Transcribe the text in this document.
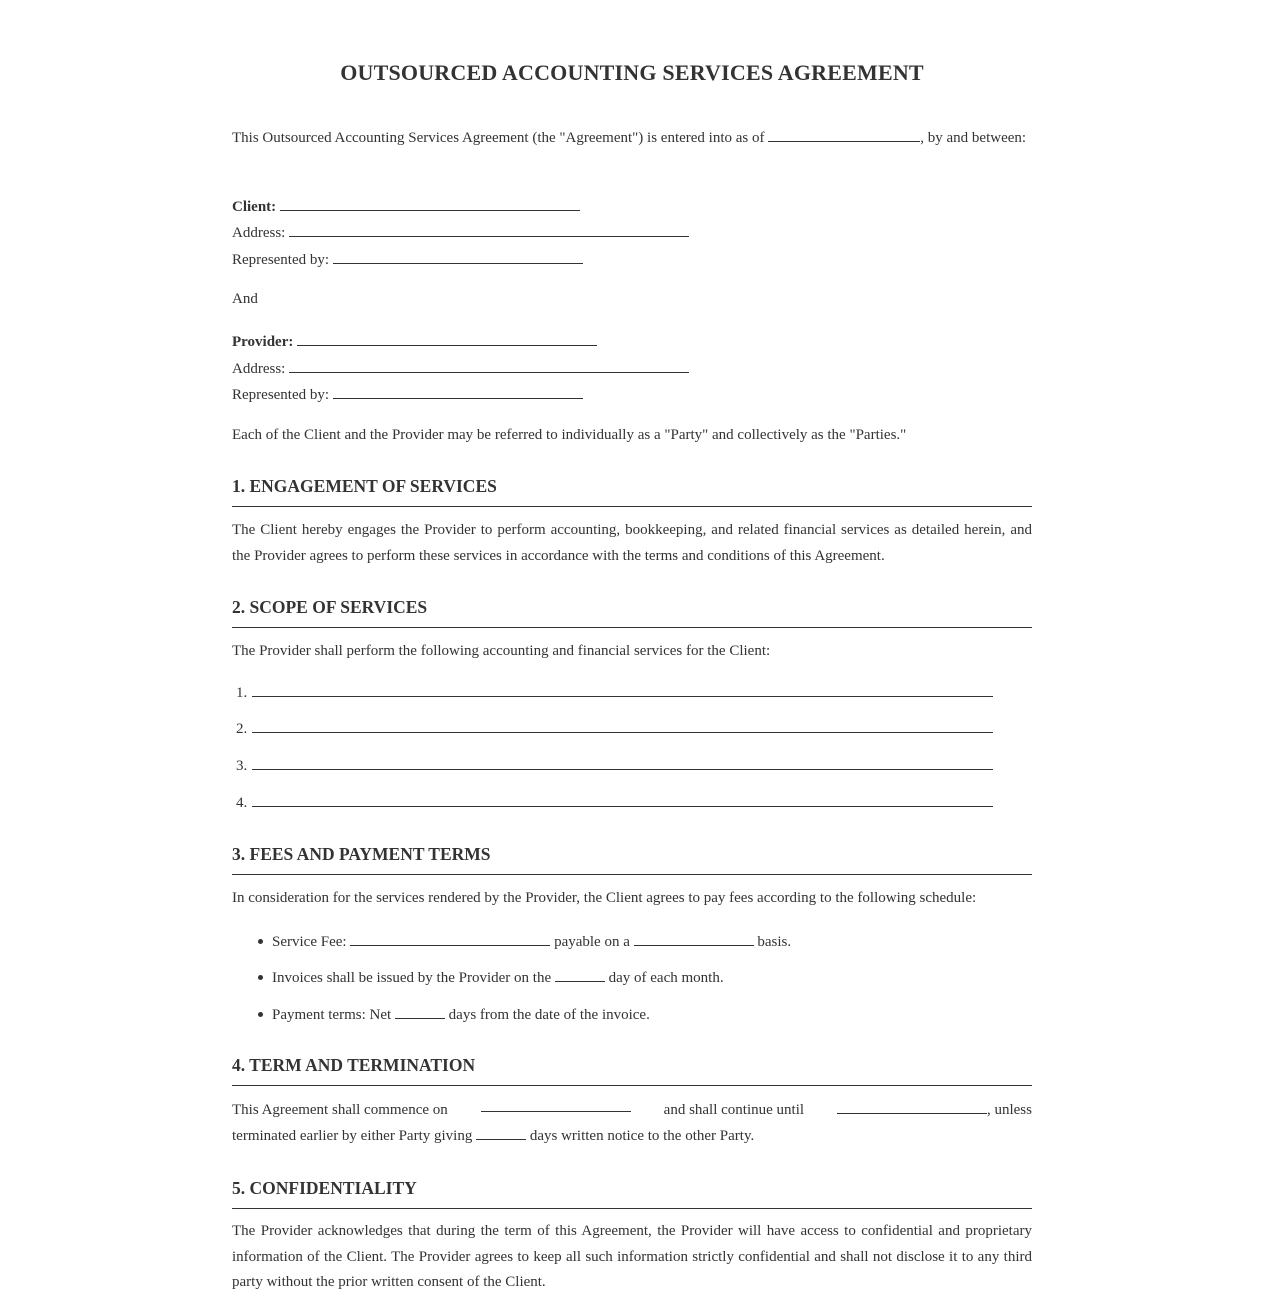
OUTSOURCED ACCOUNTING SERVICES AGREEMENT
This Outsourced Accounting Services Agreement (the "Agreement") is entered into as of	, by and between:
Client:
Address:
Represented by:
And
Provider:
Address:
Represented by:
Each of the Client and the Provider may be referred to individually as a "Party" and collectively as the "Parties."
1. ENGAGEMENT OF SERVICES
The Client hereby engages the Provider to perform accounting, bookkeeping, and related financial services as detailed herein, and the Provider agrees to perform these services in accordance with the terms and conditions of this Agreement.
2. SCOPE OF SERVICES
The Provider shall perform the following accounting and financial services for the Client:
1.
2.
3.
4.
3. FEES AND PAYMENT TERMS
In consideration for the services rendered by the Provider, the Client agrees to pay fees according to the following schedule:
Service Fee:	payable on a	basis.
Invoices shall be issued by the Provider on the	day of each month.
Payment terms: Net	days from the date of the invoice.
4. TERM AND TERMINATION
This Agreement shall commence on	and shall continue until	, unless
terminated earlier by either Party giving	days written notice to the other Party.
5. CONFIDENTIALITY
The Provider acknowledges that during the term of this Agreement, the Provider will have access to confidential and proprietary information of the Client. The Provider agrees to keep all such information strictly confidential and shall not disclose it to any third party without the prior written consent of the Client.
